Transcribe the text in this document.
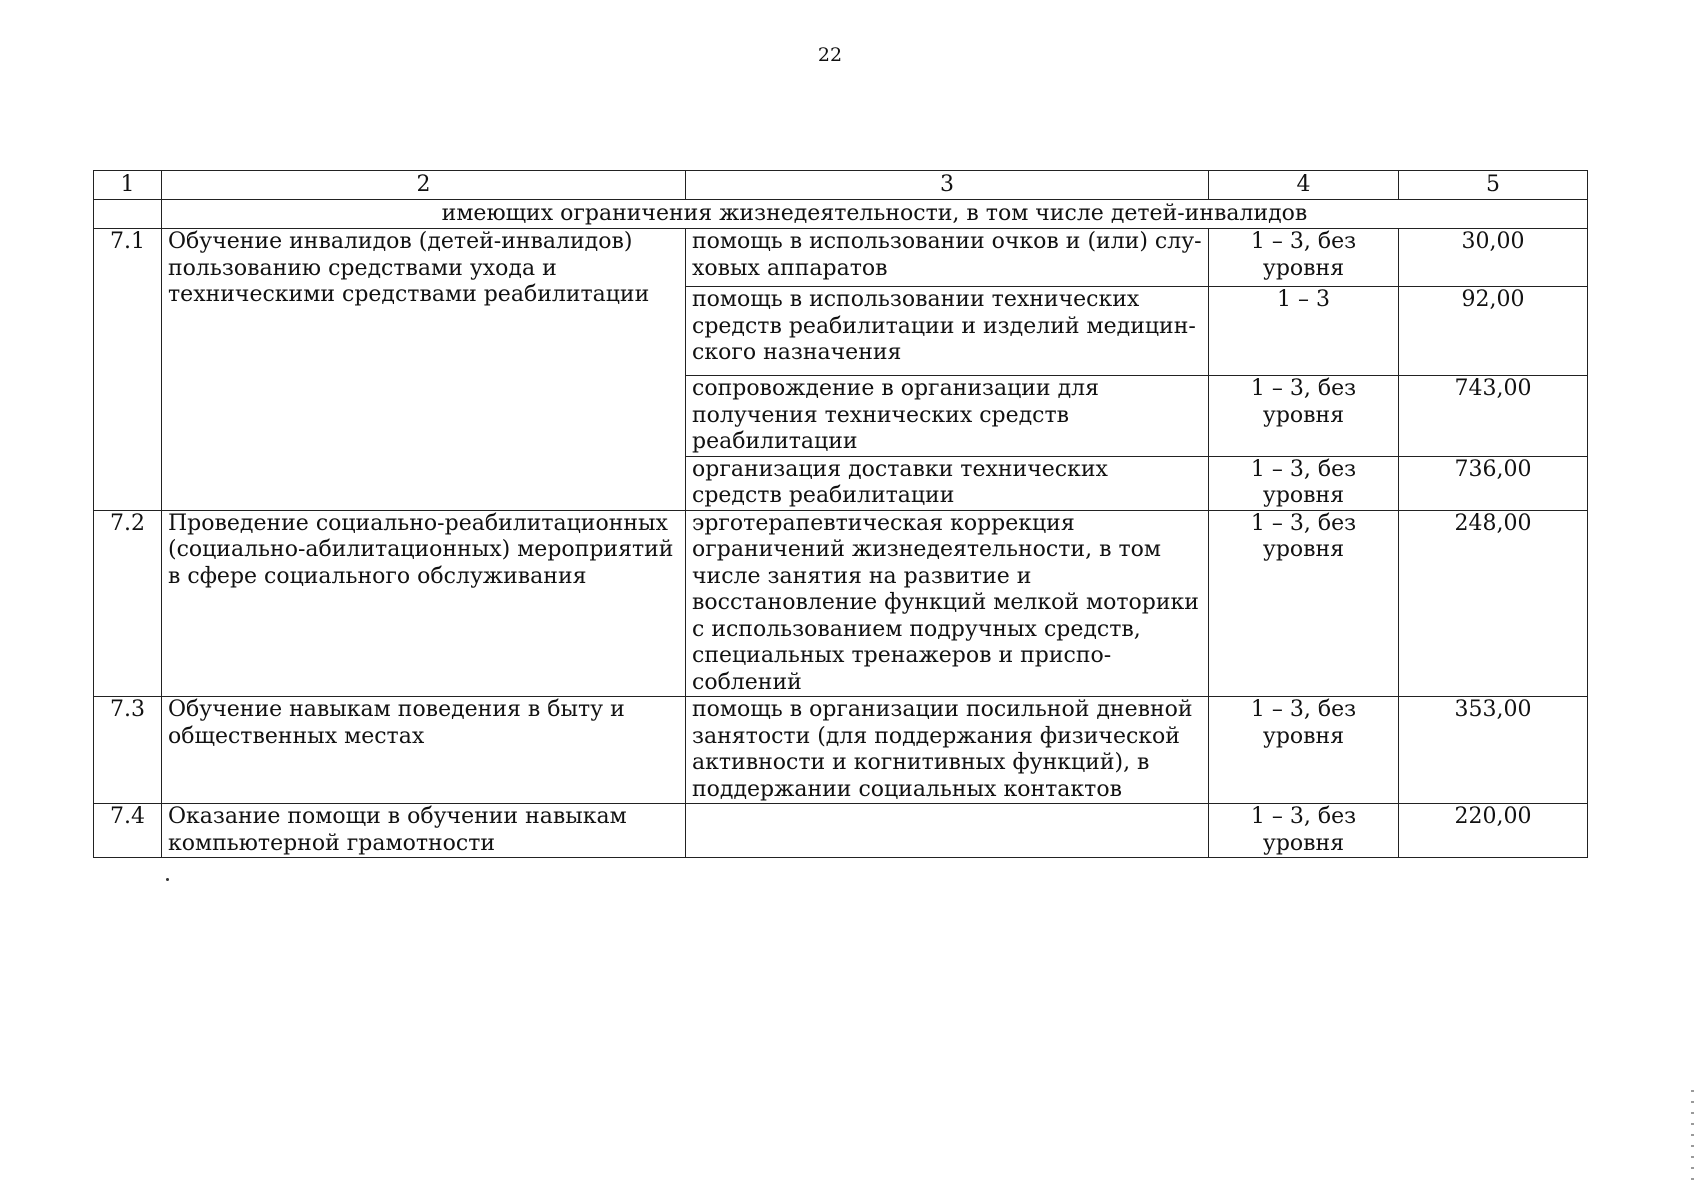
22
1	2	3	4	5
	имеющих ограничения жизнедеятельности, в том числе детей-инвалидов			
7.1	Обучение инвалидов (детей-инвалидов) пользованию средствами ухода и техническими средствами реабилитации	помощь в использовании очков и (или) слуховых аппаратов	1 – 3, без уровня	30,00
		помощь в использовании технических средств реабилитации и изделий медицинского назначения	1 – 3	92,00
		сопровождение в организации для получения технических средств реабилитации	1 – 3, без уровня	743,00
		организация доставки технических средств реабилитации	1 – 3, без уровня	736,00
7.2	Проведение социально-реабилитационных (социально-абилитационных) мероприятий в сфере социального обслуживания	эрготерапевтическая коррекция ограничений жизнедеятельности, в том числе занятия на развитие и восстановление функций мелкой моторики с использованием подручных средств, специальных тренажеров и приспособлений	1 – 3, без уровня	248,00
7.3	Обучение навыкам поведения в быту и общественных местах	помощь в организации посильной дневной занятости (для поддержания физической активности и когнитивных функций), в поддержании социальных контактов	1 – 3, без уровня	353,00
7.4	Оказание помощи в обучении навыкам компьютерной грамотности		1 – 3, без уровня	220,00
